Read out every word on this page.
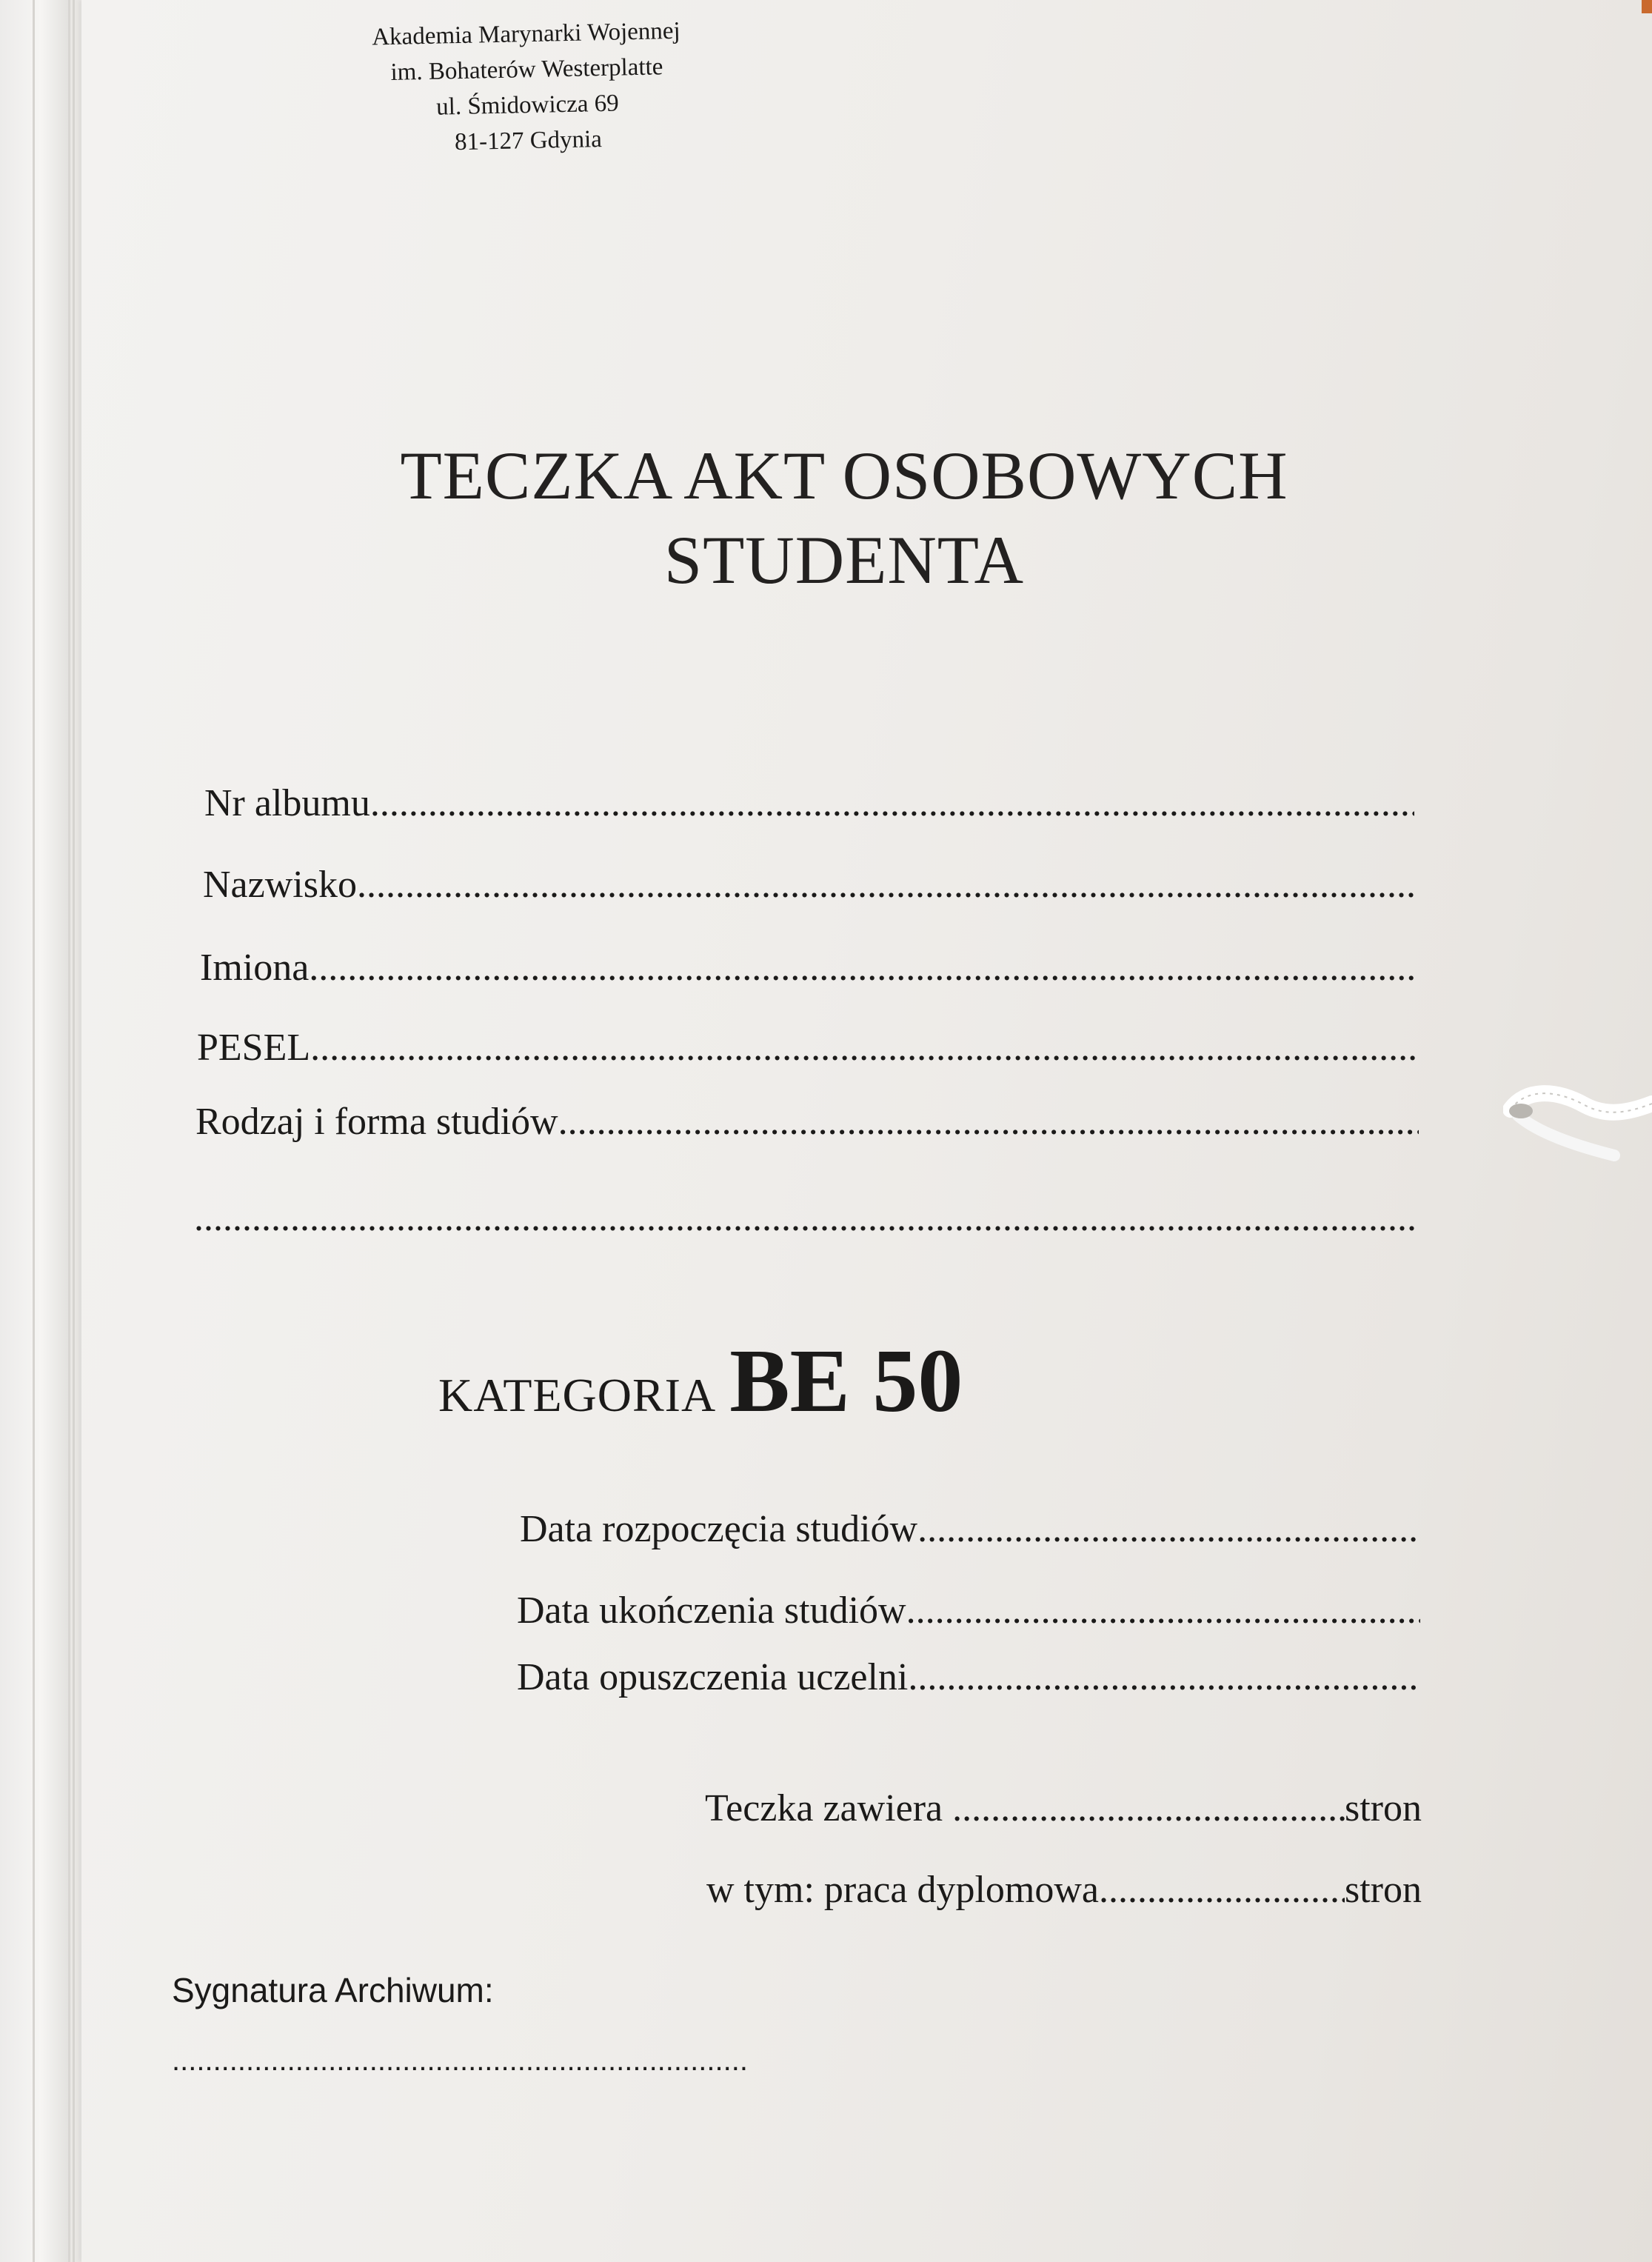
Akademia Marynarki Wojennej
im. Bohaterów Westerplatte
ul. Śmidowicza 69
81-127 Gdynia
TECZKA AKT OSOBOWYCH
STUDENTA
Nr albumu
.....
Nazwisko
.....
Imiona
.....
PESEL
.....
Rodzaj i forma studiów
.....
.....
KATEGORIA BE 50
Data rozpoczęcia studiów
.....
Data ukończenia studiów
.....
Data opuszczenia uczelni
.....
Teczka zawiera .....	stron
w tym: praca dyplomowa .....	stron
Sygnatura Archiwum:
.....
